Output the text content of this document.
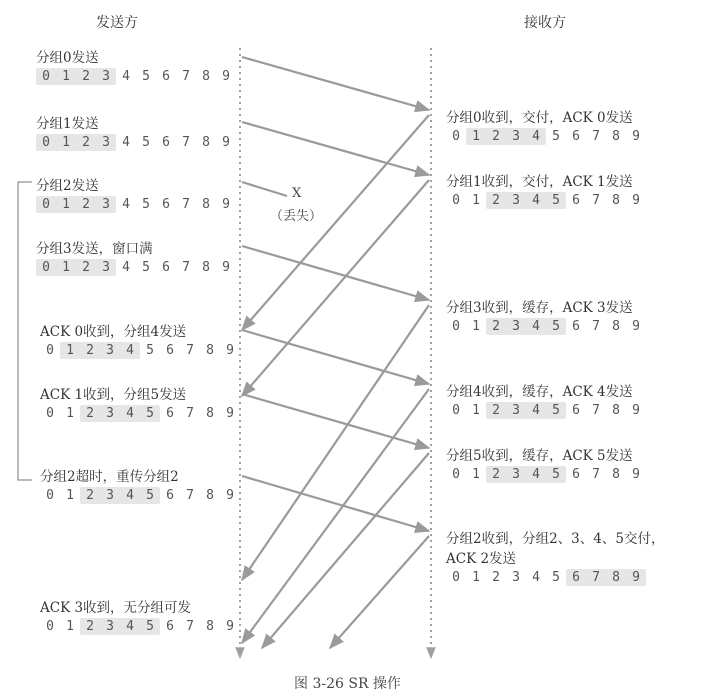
发送方	接收方
X
（丢失）
分组0发送
0 1 2 3 4 5 6 7 8 9
分组1发送
0 1 2 3 4 5 6 7 8 9
分组2发送
0 1 2 3 4 5 6 7 8 9
分组3发送，窗口满
0 1 2 3 4 5 6 7 8 9
ACK 0收到，分组4发送
0 1 2 3 4 5 6 7 8 9
ACK 1收到，分组5发送
0 1 2 3 4 5 6 7 8 9
分组2超时，重传分组2
0 1 2 3 4 5 6 7 8 9
ACK 3收到，无分组可发
0 1 2 3 4 5 6 7 8 9
分组0收到，交付，ACK 0发送
0 1 2 3 4 5 6 7 8 9
分组1收到，交付，ACK 1发送
0 1 2 3 4 5 6 7 8 9
分组3收到，缓存，ACK 3发送
0 1 2 3 4 5 6 7 8 9
分组4收到，缓存，ACK 4发送
0 1 2 3 4 5 6 7 8 9
分组5收到，缓存，ACK 5发送
0 1 2 3 4 5 6 7 8 9
分组2收到，分组2、3、4、5交付，
ACK 2发送
0 1 2 3 4 5 6 7 8 9
图 3-26 SR 操作
